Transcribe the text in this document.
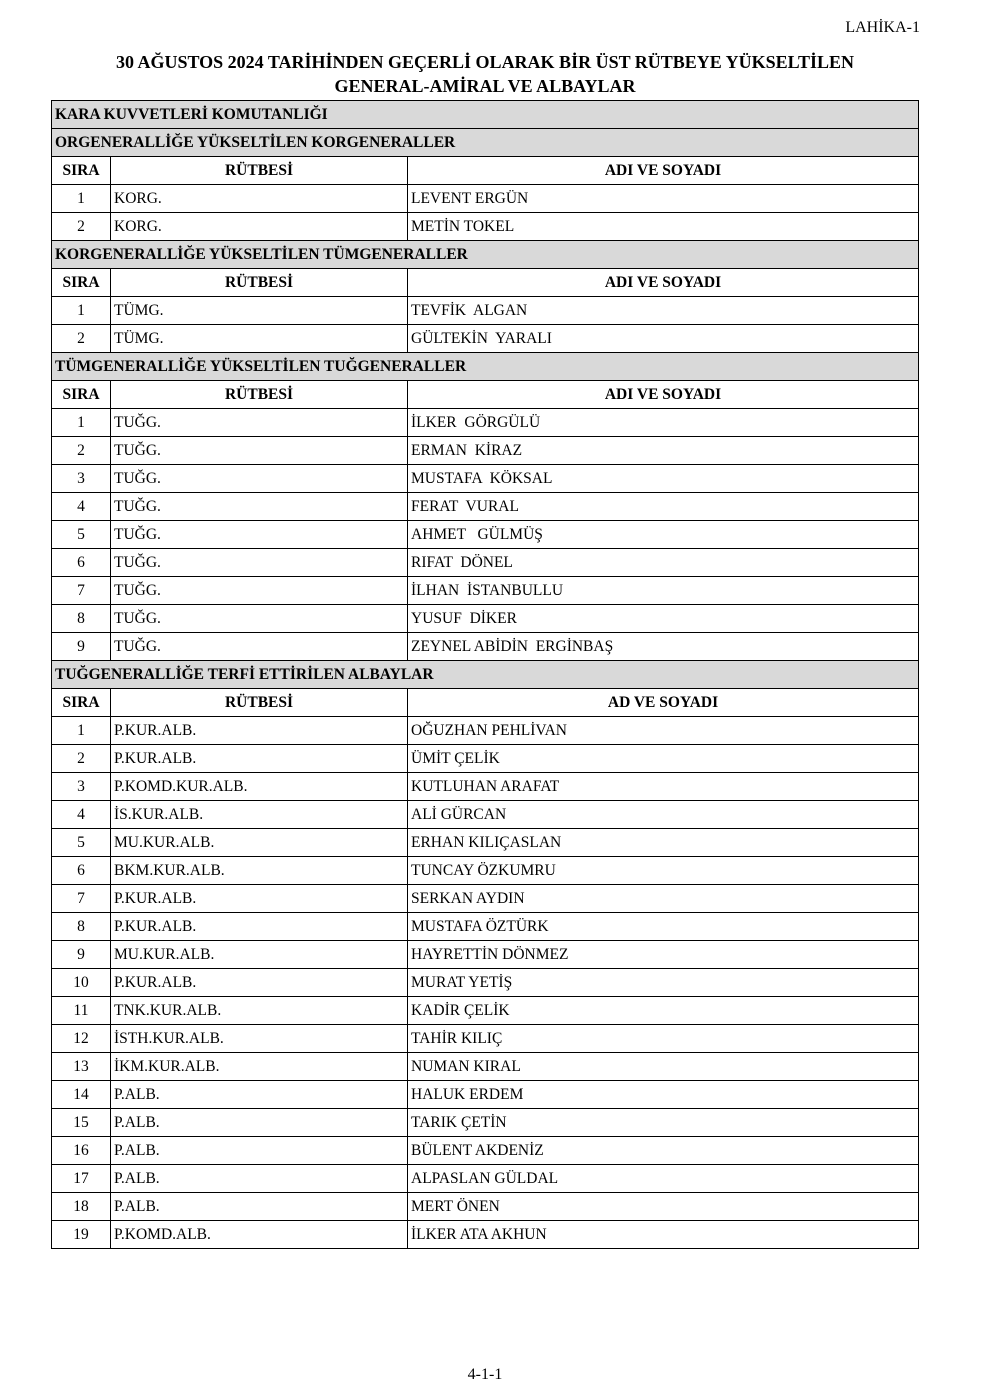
LAHİKA-1
30 AĞUSTOS 2024 TARİHİNDEN GEÇERLİ OLARAK BİR ÜST RÜTBEYE YÜKSELTİLEN
GENERAL-AMİRAL VE ALBAYLAR
KARA KUVVETLERİ KOMUTANLIĞI		
ORGENERALLİĞE YÜKSELTİLEN KORGENERALLER		
SIRA	RÜTBESİ	ADI VE SOYADI
1	KORG.	LEVENT ERGÜN
2	KORG.	METİN TOKEL
KORGENERALLİĞE YÜKSELTİLEN TÜMGENERALLER		
SIRA	RÜTBESİ	ADI VE SOYADI
1	TÜMG.	TEVFİK  ALGAN
2	TÜMG.	GÜLTEKİN  YARALI
TÜMGENERALLİĞE YÜKSELTİLEN TUĞGENERALLER		
SIRA	RÜTBESİ	ADI VE SOYADI
1	TUĞG.	İLKER  GÖRGÜLÜ
2	TUĞG.	ERMAN  KİRAZ
3	TUĞG.	MUSTAFA  KÖKSAL
4	TUĞG.	FERAT  VURAL
5	TUĞG.	AHMET   GÜLMÜŞ
6	TUĞG.	RIFAT  DÖNEL
7	TUĞG.	İLHAN  İSTANBULLU
8	TUĞG.	YUSUF  DİKER
9	TUĞG.	ZEYNEL ABİDİN  ERGİNBAŞ
TUĞGENERALLİĞE TERFİ ETTİRİLEN ALBAYLAR		
SIRA	RÜTBESİ	AD VE SOYADI
1	P.KUR.ALB.	OĞUZHAN PEHLİVAN
2	P.KUR.ALB.	ÜMİT ÇELİK
3	P.KOMD.KUR.ALB.	KUTLUHAN ARAFAT
4	İS.KUR.ALB.	ALİ GÜRCAN
5	MU.KUR.ALB.	ERHAN KILIÇASLAN
6	BKM.KUR.ALB.	TUNCAY ÖZKUMRU
7	P.KUR.ALB.	SERKAN AYDIN
8	P.KUR.ALB.	MUSTAFA ÖZTÜRK
9	MU.KUR.ALB.	HAYRETTİN DÖNMEZ
10	P.KUR.ALB.	MURAT YETİŞ
11	TNK.KUR.ALB.	KADİR ÇELİK
12	İSTH.KUR.ALB.	TAHİR KILIÇ
13	İKM.KUR.ALB.	NUMAN KIRAL
14	P.ALB.	HALUK ERDEM
15	P.ALB.	TARIK ÇETİN
16	P.ALB.	BÜLENT AKDENİZ
17	P.ALB.	ALPASLAN GÜLDAL
18	P.ALB.	MERT ÖNEN
19	P.KOMD.ALB.	İLKER ATA AKHUN
4-1-1
